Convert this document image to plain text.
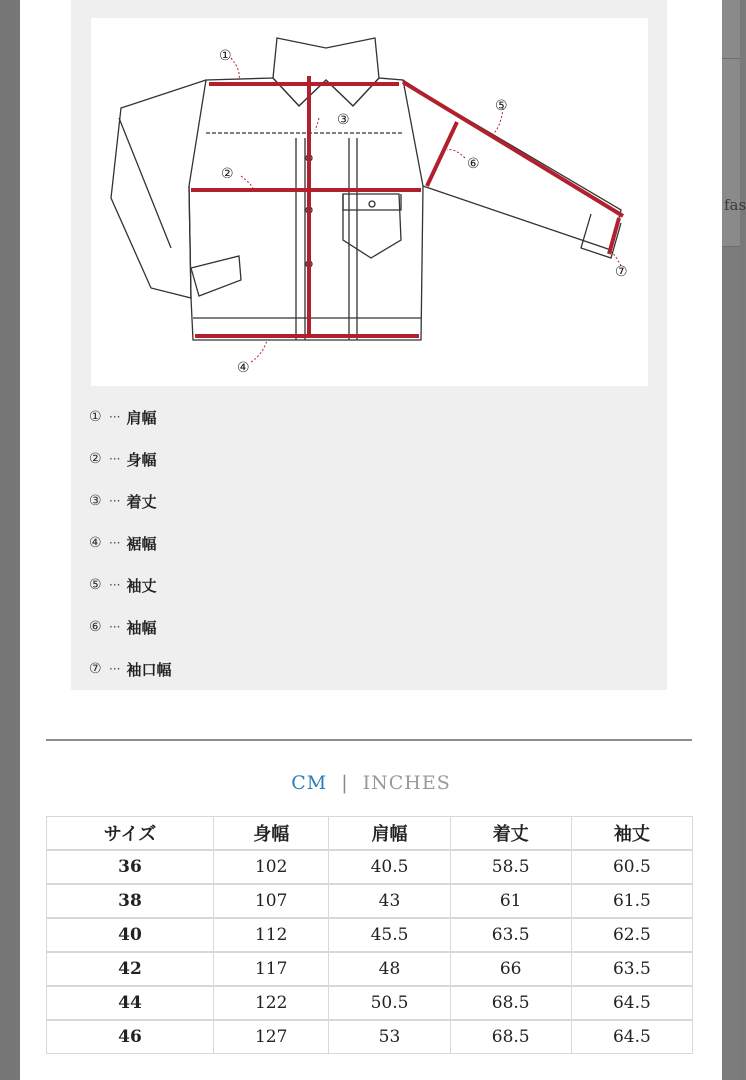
fas
①
②
③
④
⑤
⑥
⑦
① ··· 肩幅
② ··· 身幅
③ ··· 着丈
④ ··· 裾幅
⑤ ··· 袖丈
⑥ ··· 袖幅
⑦ ··· 袖口幅
CM | INCHES
サイズ	身幅	肩幅	着丈	袖丈
36	102	40.5	58.5	60.5
38	107	43	61	61.5
40	112	45.5	63.5	62.5
42	117	48	66	63.5
44	122	50.5	68.5	64.5
46	127	53	68.5	64.5
